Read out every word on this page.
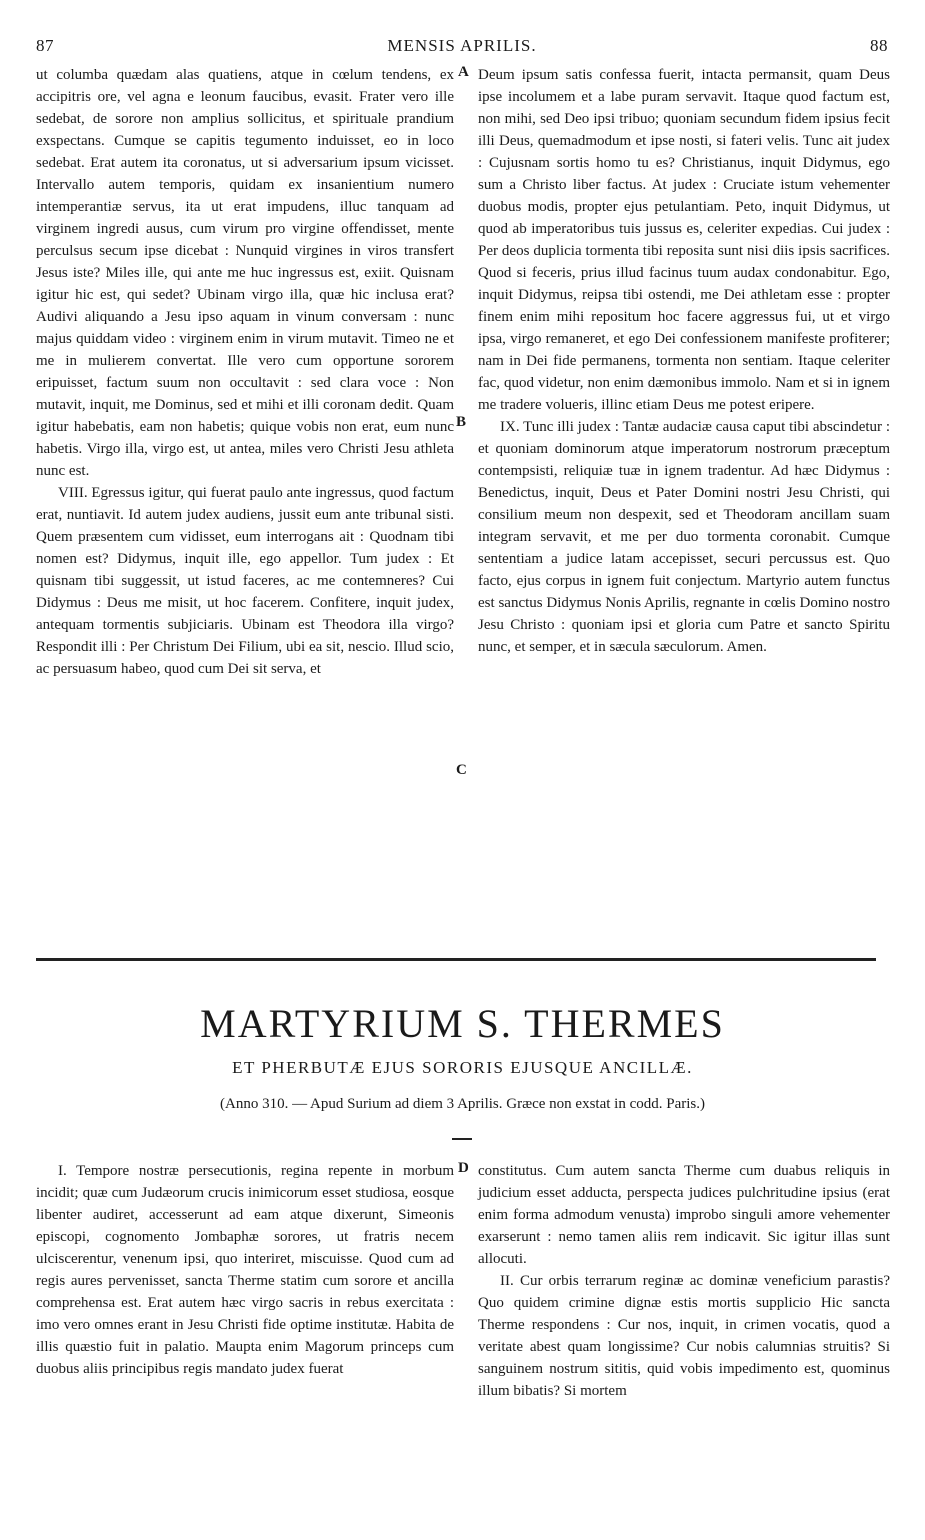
87	MENSIS APRILIS.	88

ut columba quædam alas quatiens, atque in cœlum tendens, ex accipitris ore, vel agna e leonum faucibus, evasit. Frater vero ille sedebat, de sorore non amplius sollicitus, et spirituale prandium exspectans. Cumque se capitis tegumento induisset, eo in loco sedebat. Erat autem ita coronatus, ut si adversarium ipsum vicisset. Intervallo autem temporis, quidam ex insanientium numero intemperantiæ servus, ita ut erat impudens, illuc tanquam ad virginem ingredi ausus, cum virum pro virgine offendisset, mente perculsus secum ipse dicebat : Nunquid virgines in viros transfert Jesus iste? Miles ille, qui ante me huc ingressus est, exiit. Quisnam igitur hic est, qui sedet? Ubinam virgo illa, quæ hic inclusa erat? Audivi aliquando a Jesu ipso aquam in vinum conversam : nunc majus quiddam video : virginem enim in virum mutavit. Timeo ne et me in mulierem convertat. Ille vero cum opportune sororem eripuisset, factum suum non occultavit : sed clara voce : Non mutavit, inquit, me Dominus, sed et mihi et illi coronam dedit. Quam igitur habebatis, eam non habetis; quique vobis non erat, eum nunc habetis. Virgo illa, virgo est, ut antea, miles vero Christi Jesu athleta nunc est.

VIII. Egressus igitur, qui fuerat paulo ante ingressus, quod factum erat, nuntiavit. Id autem judex audiens, jussit eum ante tribunal sisti. Quem præsentem cum vidisset, eum interrogans ait : Quodnam tibi nomen est? Didymus, inquit ille, ego appellor. Tum judex : Et quisnam tibi suggessit, ut istud faceres, ac me contemneres? Cui Didymus : Deus me misit, ut hoc facerem. Confitere, inquit judex, antequam tormentis subjiciaris. Ubinam est Theodora illa virgo? Respondit illi : Per Christum Dei Filium, ubi ea sit, nescio. Illud scio, ac persuasum habeo, quod cum Dei sit serva, et

Deum ipsum satis confessa fuerit, intacta permansit, quam Deus ipse incolumem et a labe puram servavit. Itaque quod factum est, non mihi, sed Deo ipsi tribuo; quoniam secundum fidem ipsius fecit illi Deus, quemadmodum et ipse nosti, si fateri velis. Tunc ait judex : Cujusnam sortis homo tu es? Christianus, inquit Didymus, ego sum a Christo liber factus. At judex : Cruciate istum vehementer duobus modis, propter ejus petulantiam. Peto, inquit Didymus, ut quod ab imperatoribus tuis jussus es, celeriter expedias. Cui judex : Per deos duplicia tormenta tibi reposita sunt nisi diis ipsis sacrifices. Quod si feceris, prius illud facinus tuum audax condonabitur. Ego, inquit Didymus, reipsa tibi ostendi, me Dei athletam esse : propter finem enim mihi repositum hoc facere aggressus fui, ut et virgo ipsa, virgo remaneret, et ego Dei confessionem manifeste profiterer; nam in Dei fide permanens, tormenta non sentiam. Itaque celeriter fac, quod videtur, non enim dæmonibus immolo. Nam et si in ignem me tradere volueris, illinc etiam Deus me potest eripere.

IX. Tunc illi judex : Tantæ audaciæ causa caput tibi abscindetur : et quoniam dominorum atque imperatorum nostrorum præceptum contempsisti, reliquiæ tuæ in ignem tradentur. Ad hæc Didymus : Benedictus, inquit, Deus et Pater Domini nostri Jesu Christi, qui consilium meum non despexit, sed et Theodoram ancillam suam integram servavit, et me per duo tormenta coronabit. Cumque sententiam a judice latam accepisset, securi percussus est. Quo facto, ejus corpus in ignem fuit conjectum. Martyrio autem functus est sanctus Didymus Nonis Aprilis, regnante in cœlis Domino nostro Jesu Christo : quoniam ipsi et gloria cum Patre et sancto Spiritu nunc, et semper, et in sæcula sæculorum. Amen.

A
B
C
D
MARTYRIUM S. THERMES
ET PHERBUTÆ EJUS SORORIS EJUSQUE ANCILLÆ.
(Anno 310. — Apud Surium ad diem 3 Aprilis. Græce non exstat in codd. Paris.)

I. Tempore nostræ persecutionis, regina repente in morbum incidit; quæ cum Judæorum crucis inimicorum esset studiosa, eosque libenter audiret, accesserunt ad eam atque dixerunt, Simeonis episcopi, cognomento Jombaphæ sorores, ut fratris necem ulciscerentur, venenum ipsi, quo interiret, miscuisse. Quod cum ad regis aures pervenisset, sancta Therme statim cum sorore et ancilla comprehensa est. Erat autem hæc virgo sacris in rebus exercitata : imo vero omnes erant in Jesu Christi fide optime institutæ. Habita de illis quæstio fuit in palatio. Maupta enim Magorum princeps cum duobus aliis principibus regis mandato judex fuerat

constitutus. Cum autem sancta Therme cum duabus reliquis in judicium esset adducta, perspecta judices pulchritudine ipsius (erat enim forma admodum venusta) improbo singuli amore vehementer exarserunt : nemo tamen aliis rem indicavit. Sic igitur illas sunt allocuti.

II. Cur orbis terrarum reginæ ac dominæ veneficium parastis? Quo quidem crimine dignæ estis mortis supplicio Hic sancta Therme respondens : Cur nos, inquit, in crimen vocatis, quod a veritate abest quam longissime? Cur nobis calumnias struitis? Si sanguinem nostrum sititis, quid vobis impedimento est, quominus illum bibatis? Si mortem
